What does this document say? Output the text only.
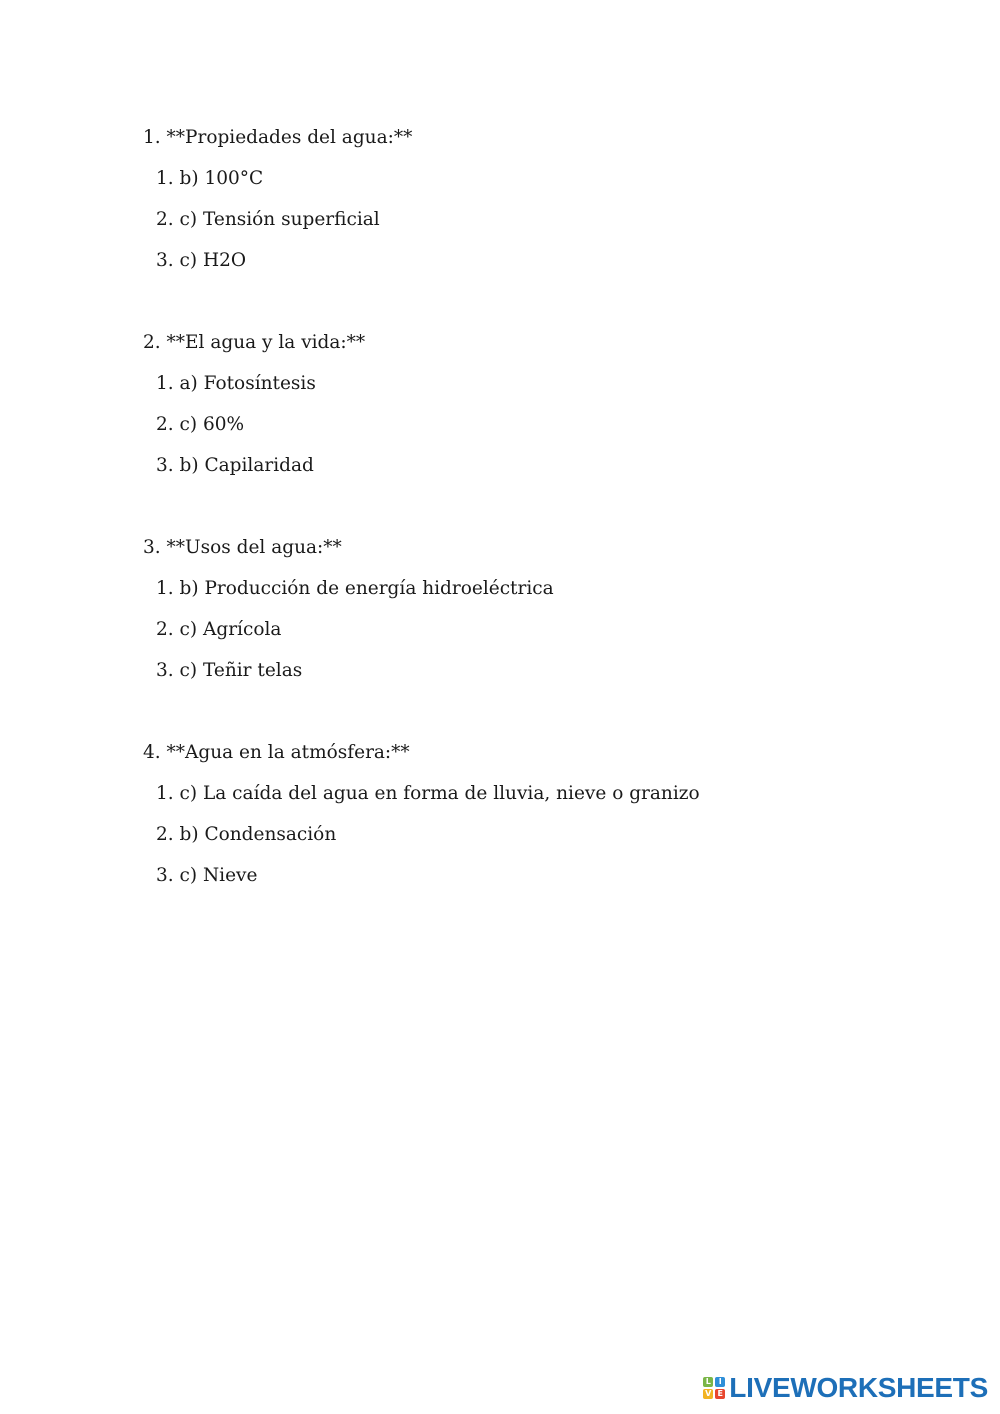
1. **Propiedades del agua:**
1. b) 100°C
2. c) Tensión superficial
3. c) H2O
2. **El agua y la vida:**
1. a) Fotosíntesis
2. c) 60%
3. b) Capilaridad
3. **Usos del agua:**
1. b) Producción de energía hidroeléctrica
2. c) Agrícola
3. c) Teñir telas
4. **Agua en la atmósfera:**
1. c) La caída del agua en forma de lluvia, nieve o granizo
2. b) Condensación
3. c) Nieve
L I
V E LIVEWORKSHEETS
